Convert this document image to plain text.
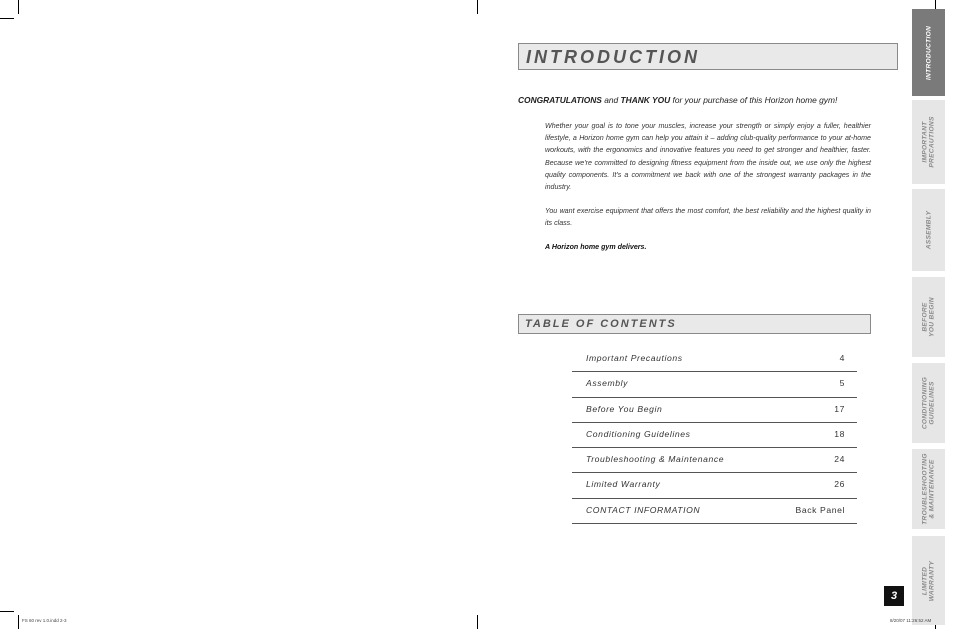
INTRODUCTION
CONGRATULATIONS and THANK YOU for your purchase of this Horizon home gym!
Whether your goal is to tone your muscles, increase your strength or simply enjoy a fuller, healthier lifestyle, a Horizon home gym can help you attain it – adding club-quality performance to your at-home workouts, with the ergonomics and innovative features you need to get stronger and healthier, faster. Because we're committed to designing fitness equipment from the inside out, we use only the highest quality components. It's a commitment we back with one of the strongest warranty packages in the industry.
You want exercise equipment that offers the most comfort, the best reliability and the highest quality in its class.
A Horizon home gym delivers.
TABLE OF CONTENTS
Important Precautions	4
Assembly	5
Before You Begin	17
Conditioning Guidelines	18
Troubleshooting & Maintenance	24
Limited Warranty	26
CONTACT INFORMATION	Back Panel
INTRODUCTION
IMPORTANT PRECAUTIONS
ASSEMBLY
BEFORE YOU BEGIN
CONDITIONING GUIDELINES
TROUBLESHOOTING & MAINTENANCE
LIMITED WARRANTY
3
FS 60 rev 1.0.indd 2-3	8/20/07 11:26:52 AM
